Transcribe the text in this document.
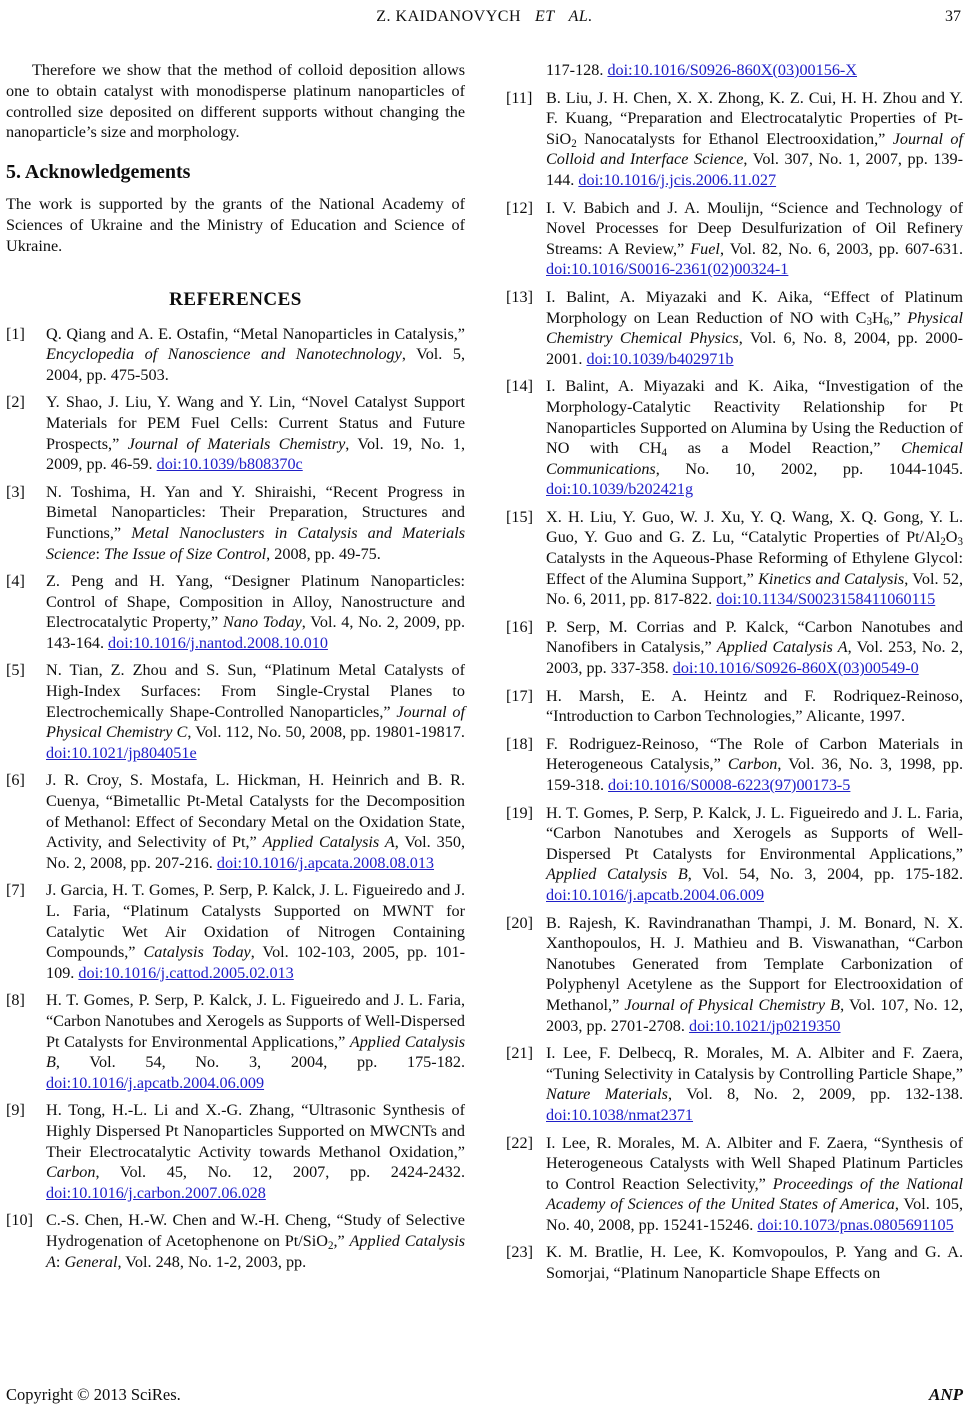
Z. KAIDANOVYCH ET AL.	37

Therefore we show that the method of colloid deposition allows one to obtain catalyst with monodisperse platinum nanoparticles of controlled size deposited on different supports without changing the nanoparticle’s size and morphology.

5. Acknowledgements

The work is supported by the grants of the National Academy of Sciences of Ukraine and the Ministry of Education and Science of Ukraine.

REFERENCES
[1]	Q. Qiang and A. E. Ostafin, “Metal Nanoparticles in Catalysis,” Encyclopedia of Nanoscience and Nanotechnology, Vol. 5, 2004, pp. 475-503.
[2]	Y. Shao, J. Liu, Y. Wang and Y. Lin, “Novel Catalyst Support Materials for PEM Fuel Cells: Current Status and Future Prospects,” Journal of Materials Chemistry, Vol. 19, No. 1, 2009, pp. 46-59. doi:10.1039/b808370c
[3]	N. Toshima, H. Yan and Y. Shiraishi, “Recent Progress in Bimetal Nanoparticles: Their Preparation, Structures and Functions,” Metal Nanoclusters in Catalysis and Materials Science: The Issue of Size Control, 2008, pp. 49-75.
[4]	Z. Peng and H. Yang, “Designer Platinum Nanoparticles: Control of Shape, Composition in Alloy, Nanostructure and Electrocatalytic Property,” Nano Today, Vol. 4, No. 2, 2009, pp. 143-164. doi:10.1016/j.nantod.2008.10.010
[5]	N. Tian, Z. Zhou and S. Sun, “Platinum Metal Catalysts of High-Index Surfaces: From Single-Crystal Planes to Electrochemically Shape-Controlled Nanoparticles,” Journal of Physical Chemistry C, Vol. 112, No. 50, 2008, pp. 19801-19817. doi:10.1021/jp804051e
[6]	J. R. Croy, S. Mostafa, L. Hickman, H. Heinrich and B. R. Cuenya, “Bimetallic Pt-Metal Catalysts for the Decomposition of Methanol: Effect of Secondary Metal on the Oxidation State, Activity, and Selectivity of Pt,” Applied Catalysis A, Vol. 350, No. 2, 2008, pp. 207-216. doi:10.1016/j.apcata.2008.08.013
[7]	J. Garcia, H. T. Gomes, P. Serp, P. Kalck, J. L. Figueiredo and J. L. Faria, “Platinum Catalysts Supported on MWNT for Catalytic Wet Air Oxidation of Nitrogen Containing Compounds,” Catalysis Today, Vol. 102-103, 2005, pp. 101-109. doi:10.1016/j.cattod.2005.02.013
[8]	H. T. Gomes, P. Serp, P. Kalck, J. L. Figueiredo and J. L. Faria, “Carbon Nanotubes and Xerogels as Supports of Well-Dispersed Pt Catalysts for Environmental Applications,” Applied Catalysis B, Vol. 54, No. 3, 2004, pp. 175-182. doi:10.1016/j.apcatb.2004.06.009
[9]	H. Tong, H.-L. Li and X.-G. Zhang, “Ultrasonic Synthesis of Highly Dispersed Pt Nanoparticles Supported on MWCNTs and Their Electrocatalytic Activity towards Methanol Oxidation,” Carbon, Vol. 45, No. 12, 2007, pp. 2424-2432. doi:10.1016/j.carbon.2007.06.028
[10] C.-S. Chen, H.-W. Chen and W.-H. Cheng, “Study of Selective Hydrogenation of Acetophenone on Pt/SiO$_2$,” Applied Catalysis A: General, Vol. 248, No. 1-2, 2003, pp.
117-128. doi:10.1016/S0926-860X(03)00156-X
[11] B. Liu, J. H. Chen, X. X. Zhong, K. Z. Cui, H. H. Zhou and Y. F. Kuang, “Preparation and Electrocatalytic Properties of Pt-SiO$_2$ Nanocatalysts for Ethanol Electrooxidation,” Journal of Colloid and Interface Science, Vol. 307, No. 1, 2007, pp. 139-144. doi:10.1016/j.jcis.2006.11.027
[12] I. V. Babich and J. A. Moulijn, “Science and Technology of Novel Processes for Deep Desulfurization of Oil Refinery Streams: A Review,” Fuel, Vol. 82, No. 6, 2003, pp. 607-631. doi:10.1016/S0016-2361(02)00324-1
[13] I. Balint, A. Miyazaki and K. Aika, “Effect of Platinum Morphology on Lean Reduction of NO with $C_3H_6$,” Physical Chemistry Chemical Physics, Vol. 6, No. 8, 2004, pp. 2000-2001. doi:10.1039/b402971b
[14] I. Balint, A. Miyazaki and K. Aika, “Investigation of the Morphology-Catalytic Reactivity Relationship for Pt Nanoparticles Supported on Alumina by Using the Reduction of NO with $CH_4$ as a Model Reaction,” Chemical Communications, No. 10, 2002, pp. 1044-1045. doi:10.1039/b202421g
[15] X. H. Liu, Y. Guo, W. J. Xu, Y. Q. Wang, X. Q. Gong, Y. L. Guo, Y. Guo and G. Z. Lu, “Catalytic Properties of $Pt/Al_2O_3$ Catalysts in the Aqueous-Phase Reforming of Ethylene Glycol: Effect of the Alumina Support,” Kinetics and Catalysis, Vol. 52, No. 6, 2011, pp. 817-822. doi:10.1134/S0023158411060115
[16] P. Serp, M. Corrias and P. Kalck, “Carbon Nanotubes and Nanofibers in Catalysis,” Applied Catalysis A, Vol. 253, No. 2, 2003, pp. 337-358. doi:10.1016/S0926-860X(03)00549-0
[17] H. Marsh, E. A. Heintz and F. Rodriquez-Reinoso, “Introduction to Carbon Technologies,” Alicante, 1997.
[18] F. Rodriguez-Reinoso, “The Role of Carbon Materials in Heterogeneous Catalysis,” Carbon, Vol. 36, No. 3, 1998, pp. 159-318. doi:10.1016/S0008-6223(97)00173-5
[19] H. T. Gomes, P. Serp, P. Kalck, J. L. Figueiredo and J. L. Faria, “Carbon Nanotubes and Xerogels as Supports of Well-Dispersed Pt Catalysts for Environmental Applications,” Applied Catalysis B, Vol. 54, No. 3, 2004, pp. 175-182. doi:10.1016/j.apcatb.2004.06.009
[20] B. Rajesh, K. Ravindranathan Thampi, J. M. Bonard, N. X. Xanthopoulos, H. J. Mathieu and B. Viswanathan, “Carbon Nanotubes Generated from Template Carbonization of Polyphenyl Acetylene as the Support for Electrooxidation of Methanol,” Journal of Physical Chemistry B, Vol. 107, No. 12, 2003, pp. 2701-2708. doi:10.1021/jp0219350
[21] I. Lee, F. Delbecq, R. Morales, M. A. Albiter and F. Zaera, “Tuning Selectivity in Catalysis by Controlling Particle Shape,” Nature Materials, Vol. 8, No. 2, 2009, pp. 132-138. doi:10.1038/nmat2371
[22] I. Lee, R. Morales, M. A. Albiter and F. Zaera, “Synthesis of Heterogeneous Catalysts with Well Shaped Platinum Particles to Control Reaction Selectivity,” Proceedings of the National Academy of Sciences of the United States of America, Vol. 105, No. 40, 2008, pp. 15241-15246. doi:10.1073/pnas.0805691105
[23] K. M. Bratlie, H. Lee, K. Komvopoulos, P. Yang and G. A. Somorjai, “Platinum Nanoparticle Shape Effects on
Copyright © 2013 SciRes.	ANP
